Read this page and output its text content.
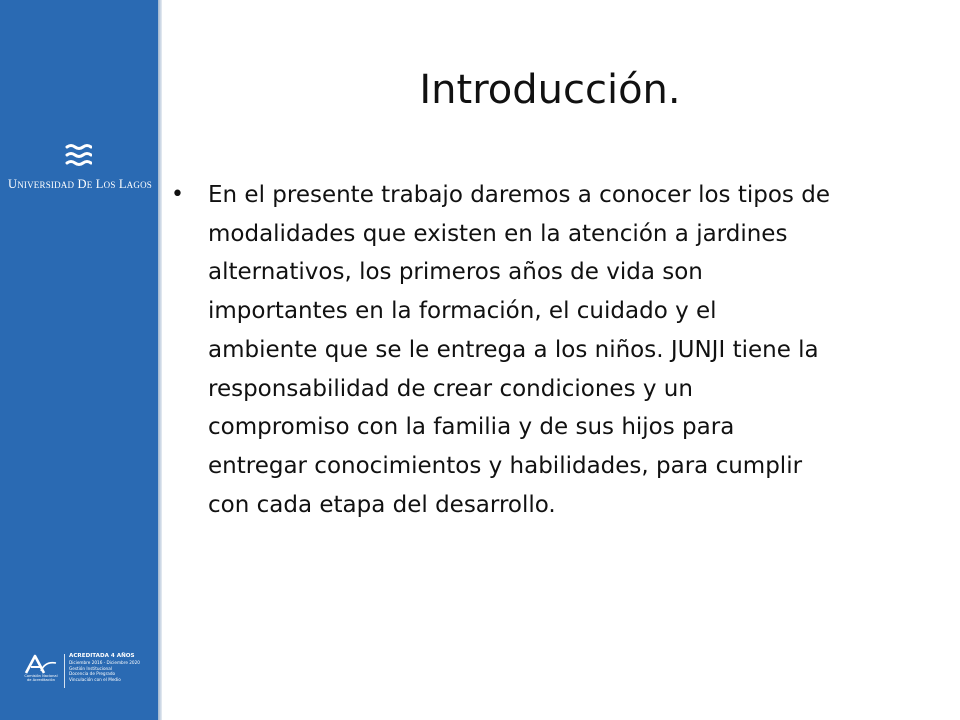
Universidad De Los Lagos
Comisión Nacional
de Acreditación
ACREDITADA 4 AÑOS
Diciembre 2016 - Diciembre 2020
Gestión Institucional
Docencia de Pregrado
Vinculación con el Medio
Introducción.
• En el presente trabajo daremos a conocer los tipos de
modalidades que existen en la atención a jardines
alternativos, los primeros años de vida son
importantes en la formación, el cuidado y el
ambiente que se le entrega a los niños. JUNJI tiene la
responsabilidad de crear condiciones y un
compromiso con la familia y de sus hijos para
entregar conocimientos y habilidades, para cumplir
con cada etapa del desarrollo.
